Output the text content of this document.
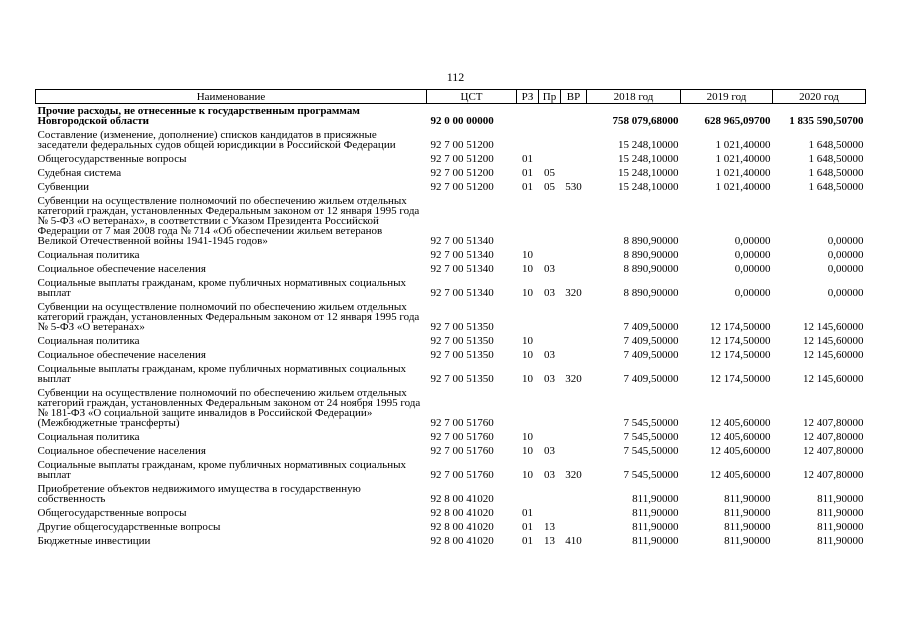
112
Наименование	ЦСТ	РЗ	Пр	ВР	2018 год	2019 год	2020 год
Прочие расходы, не отнесенные к государственным программам Новгородской области	92 0 00 00000				758 079,68000	628 965,09700	1 835 590,50700
Составление (изменение, дополнение) списков кандидатов в присяжные заседатели федеральных судов общей юрисдикции в Российской Федерации	92 7 00 51200				15 248,10000	1 021,40000	1 648,50000
Общегосударственные вопросы	92 7 00 51200	01			15 248,10000	1 021,40000	1 648,50000
Судебная система	92 7 00 51200	01	05		15 248,10000	1 021,40000	1 648,50000
Субвенции	92 7 00 51200	01	05	530	15 248,10000	1 021,40000	1 648,50000
Субвенции на осуществление полномочий по обеспечению жильем отдельных категорий граждан, установленных Федеральным законом от 12 января 1995 года № 5-ФЗ «О ветеранах», в соответствии с Указом Президента Российской Федерации от 7 мая 2008 года № 714 «Об обеспечении жильем ветеранов Великой Отечественной войны 1941-1945 годов»	92 7 00 51340				8 890,90000	0,00000	0,00000
Социальная политика	92 7 00 51340	10			8 890,90000	0,00000	0,00000
Социальное обеспечение населения	92 7 00 51340	10	03		8 890,90000	0,00000	0,00000
Социальные выплаты гражданам, кроме публичных нормативных социальных выплат	92 7 00 51340	10	03	320	8 890,90000	0,00000	0,00000
Субвенции на осуществление полномочий по обеспечению жильем отдельных категорий граждан, установленных Федеральным законом от 12 января 1995 года № 5-ФЗ «О ветеранах»	92 7 00 51350				7 409,50000	12 174,50000	12 145,60000
Социальная политика	92 7 00 51350	10			7 409,50000	12 174,50000	12 145,60000
Социальное обеспечение населения	92 7 00 51350	10	03		7 409,50000	12 174,50000	12 145,60000
Социальные выплаты гражданам, кроме публичных нормативных социальных выплат	92 7 00 51350	10	03	320	7 409,50000	12 174,50000	12 145,60000
Субвенции на осуществление полномочий по обеспечению жильем отдельных категорий граждан, установленных Федеральным законом от 24 ноября 1995 года № 181-ФЗ «О социальной защите инвалидов в Российской Федерации» (Межбюджетные трансферты)	92 7 00 51760				7 545,50000	12 405,60000	12 407,80000
Социальная политика	92 7 00 51760	10			7 545,50000	12 405,60000	12 407,80000
Социальное обеспечение населения	92 7 00 51760	10	03		7 545,50000	12 405,60000	12 407,80000
Социальные выплаты гражданам, кроме публичных нормативных социальных выплат	92 7 00 51760	10	03	320	7 545,50000	12 405,60000	12 407,80000
Приобретение объектов недвижимого имущества в государственную собственность	92 8 00 41020				811,90000	811,90000	811,90000
Общегосударственные вопросы	92 8 00 41020	01			811,90000	811,90000	811,90000
Другие общегосударственные вопросы	92 8 00 41020	01	13		811,90000	811,90000	811,90000
Бюджетные инвестиции	92 8 00 41020	01	13	410	811,90000	811,90000	811,90000
